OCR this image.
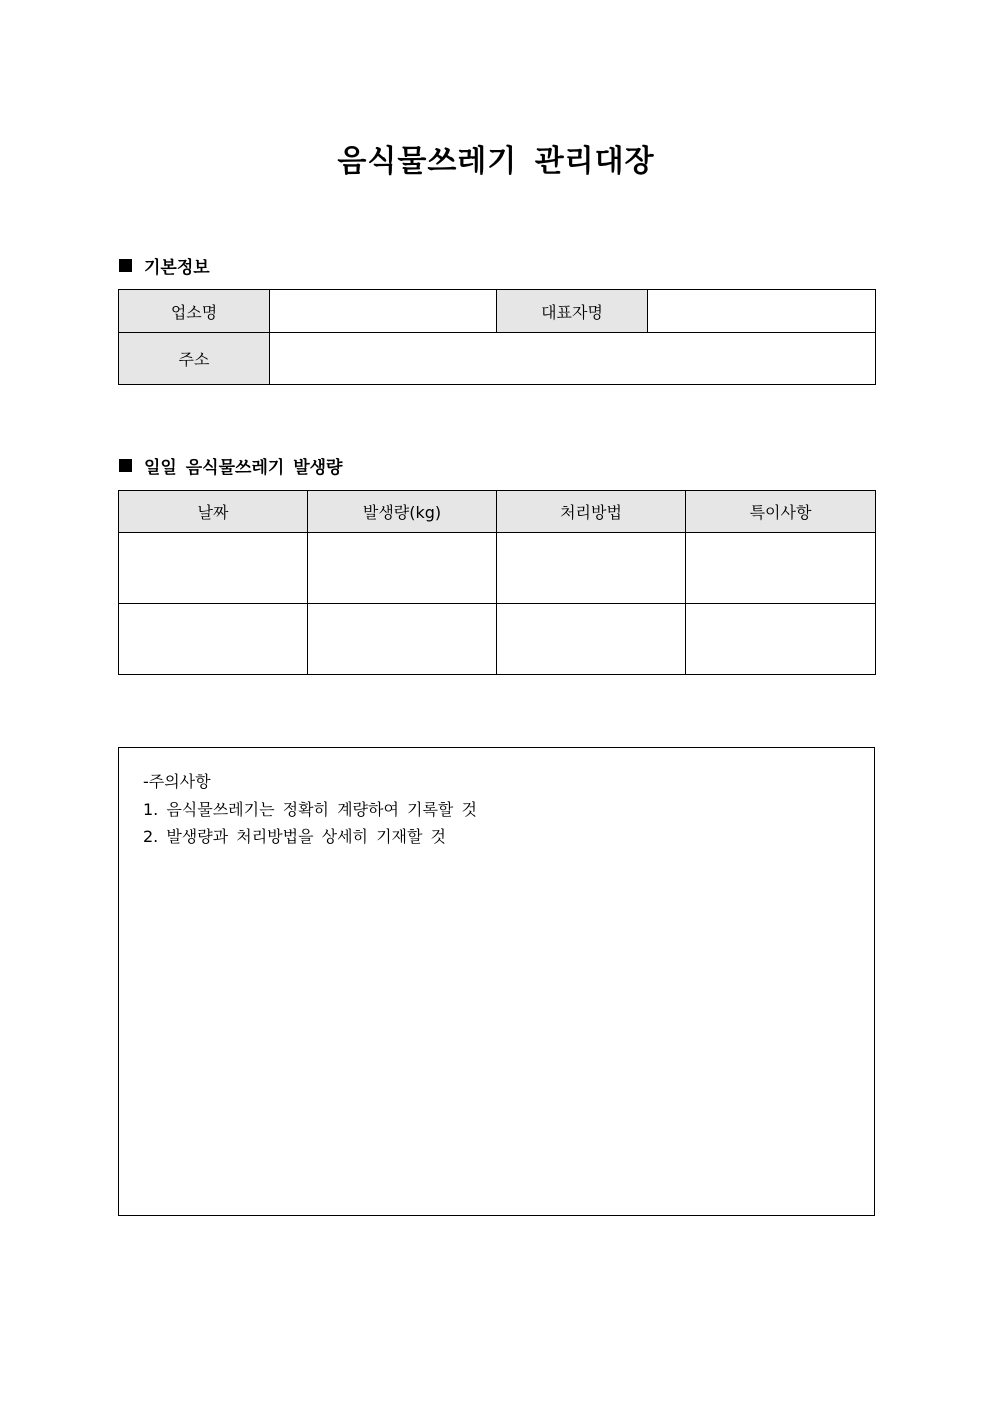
음식물쓰레기 관리대장
기본정보
업소명		대표자명	
주소			
일일 음식물쓰레기 발생량
날짜	발생량(kg)	처리방법	특이사항

-주의사항
1. 음식물쓰레기는 정확히 계량하여 기록할 것
2. 발생량과 처리방법을 상세히 기재할 것
